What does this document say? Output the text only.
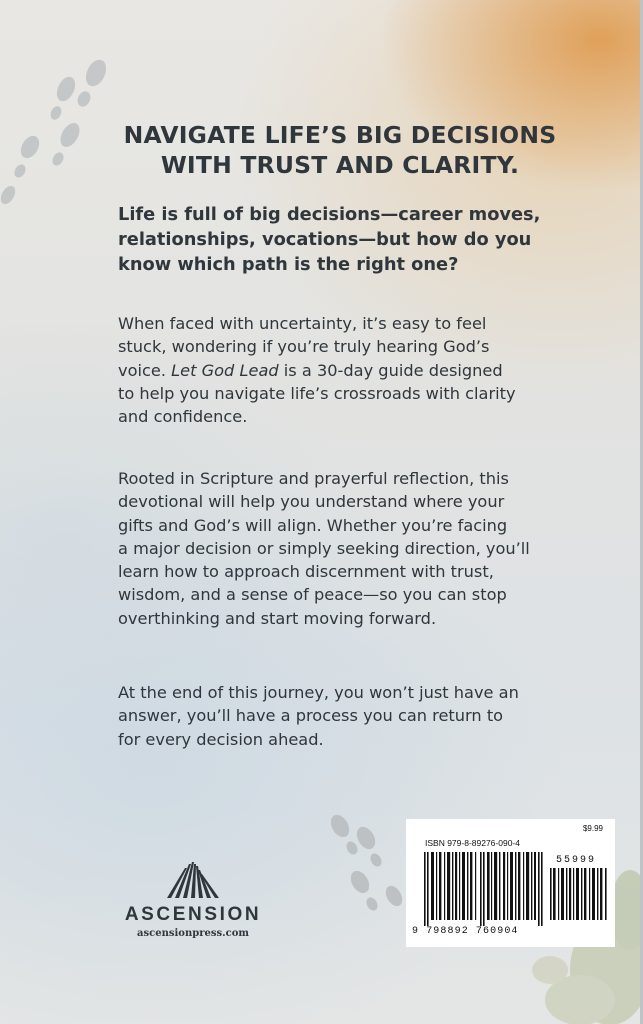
NAVIGATE LIFE’S BIG DECISIONS
WITH TRUST AND CLARITY.
Life is full of big decisions—career moves,
relationships, vocations—but how do you
know which path is the right one?
When faced with uncertainty, it’s easy to feel
stuck, wondering if you’re truly hearing God’s
voice. Let God Lead is a 30-day guide designed
to help you navigate life’s crossroads with clarity
and confidence.
Rooted in Scripture and prayerful reflection, this
devotional will help you understand where your
gifts and God’s will align. Whether you’re facing
a major decision or simply seeking direction, you’ll
learn how to approach discernment with trust,
wisdom, and a sense of peace—so you can stop
overthinking and start moving forward.
At the end of this journey, you won’t just have an
answer, you’ll have a process you can return to
for every decision ahead.
ASCENSION
ascensionpress.com
$9.99
ISBN 979-8-89276-090-4
55999
9 798892 760904
